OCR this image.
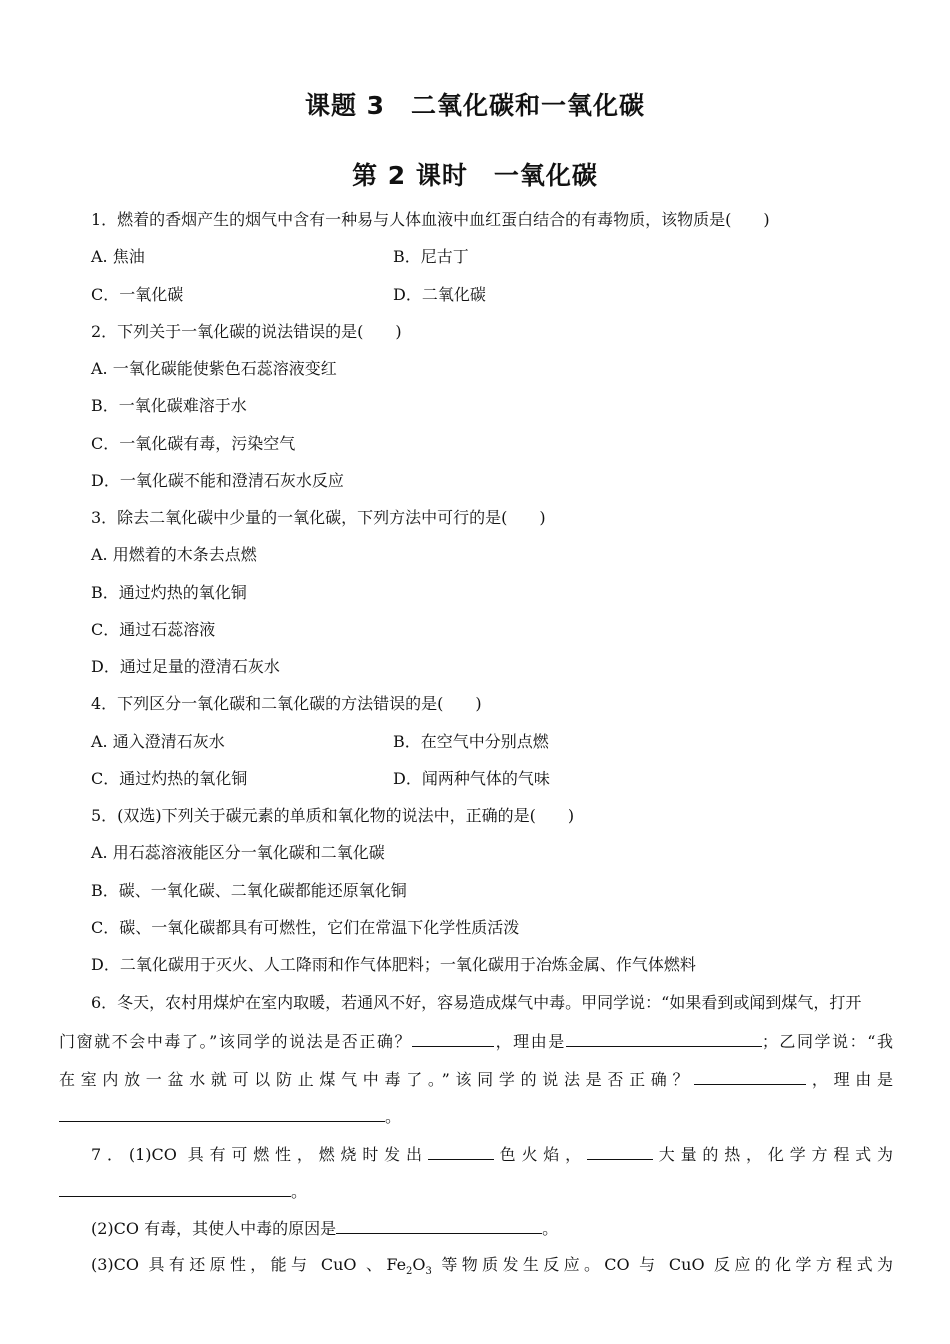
课题 3　二氧化碳和一氧化碳
第 2 课时　一氧化碳
1．燃着的香烟产生的烟气中含有一种易与人体血液中血红蛋白结合的有毒物质，该物质是(　　)
A. 焦油	B．尼古丁
C．一氧化碳	D．二氧化碳
2．下列关于一氧化碳的说法错误的是(　　)
A. 一氧化碳能使紫色石蕊溶液变红
B．一氧化碳难溶于水
C．一氧化碳有毒，污染空气
D．一氧化碳不能和澄清石灰水反应
3．除去二氧化碳中少量的一氧化碳，下列方法中可行的是(　　)
A. 用燃着的木条去点燃
B．通过灼热的氧化铜
C．通过石蕊溶液
D．通过足量的澄清石灰水
4．下列区分一氧化碳和二氧化碳的方法错误的是(　　)
A. 通入澄清石灰水	B．在空气中分别点燃
C．通过灼热的氧化铜	D．闻两种气体的气味
5．(双选)下列关于碳元素的单质和氧化物的说法中，正确的是(　　)
A. 用石蕊溶液能区分一氧化碳和二氧化碳
B．碳、一氧化碳、二氧化碳都能还原氧化铜
C．碳、一氧化碳都具有可燃性，它们在常温下化学性质活泼
D．二氧化碳用于灭火、人工降雨和作气体肥料；一氧化碳用于冶炼金属、作气体燃料
6．冬天，农村用煤炉在室内取暖，若通风不好，容易造成煤气中毒。甲同学说：“如果看到或闻到煤气，打开
门窗就不会中毒了。”该同学的说法是否正确？	，理由是	；乙同学说：“我
在室内放一盆水就可以防止煤气中毒了。”该同学的说法是否正确？	，理由是
。
7．(1)CO 具有可燃性，燃烧时发出	色火焰，	大量的热，化学方程式为
。
(2)CO 有毒，其使人中毒的原因是	。
(3)CO 具有还原性，能与 CuO 、$Fe_2O_3$ 等物质发生反应。CO 与 CuO 反应的化学方程式为
